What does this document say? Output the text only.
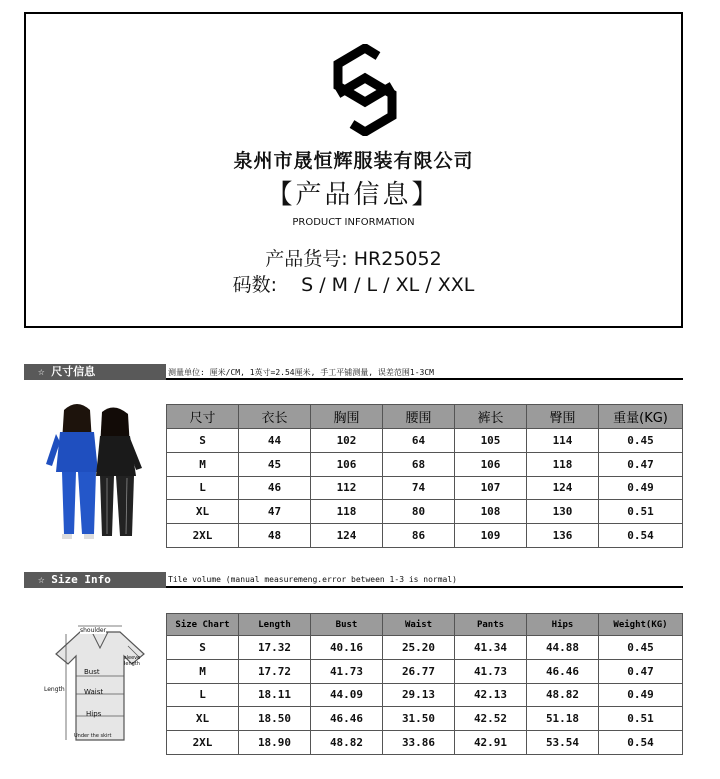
泉州市晟恒辉服装有限公司
【产品信息】
PRODUCT INFORMATION
产品货号: HR25052
码数: S / M / L / XL / XXL
☆ 尺寸信息	测量单位: 厘米/CM, 1英寸=2.54厘米, 手工平铺测量, 误差范围1-3CM
尺寸	衣长	胸围	腰围	裤长	臀围	重量(KG)
S	44	102	64	105	114	0.45
M	45	106	68	106	118	0.47
L	46	112	74	107	124	0.49
XL	47	118	80	108	130	0.51
2XL	48	124	86	109	136	0.54
☆ Size Info	Tile volume (manual measuremeng.error between 1-3 is normal)
shoulder
sleeve length
Bust
Length	Waist
Hips
Under the skirt
Size Chart	Length	Bust	Waist	Pants	Hips	Weight(KG)
S	17.32	40.16	25.20	41.34	44.88	0.45
M	17.72	41.73	26.77	41.73	46.46	0.47
L	18.11	44.09	29.13	42.13	48.82	0.49
XL	18.50	46.46	31.50	42.52	51.18	0.51
2XL	18.90	48.82	33.86	42.91	53.54	0.54
